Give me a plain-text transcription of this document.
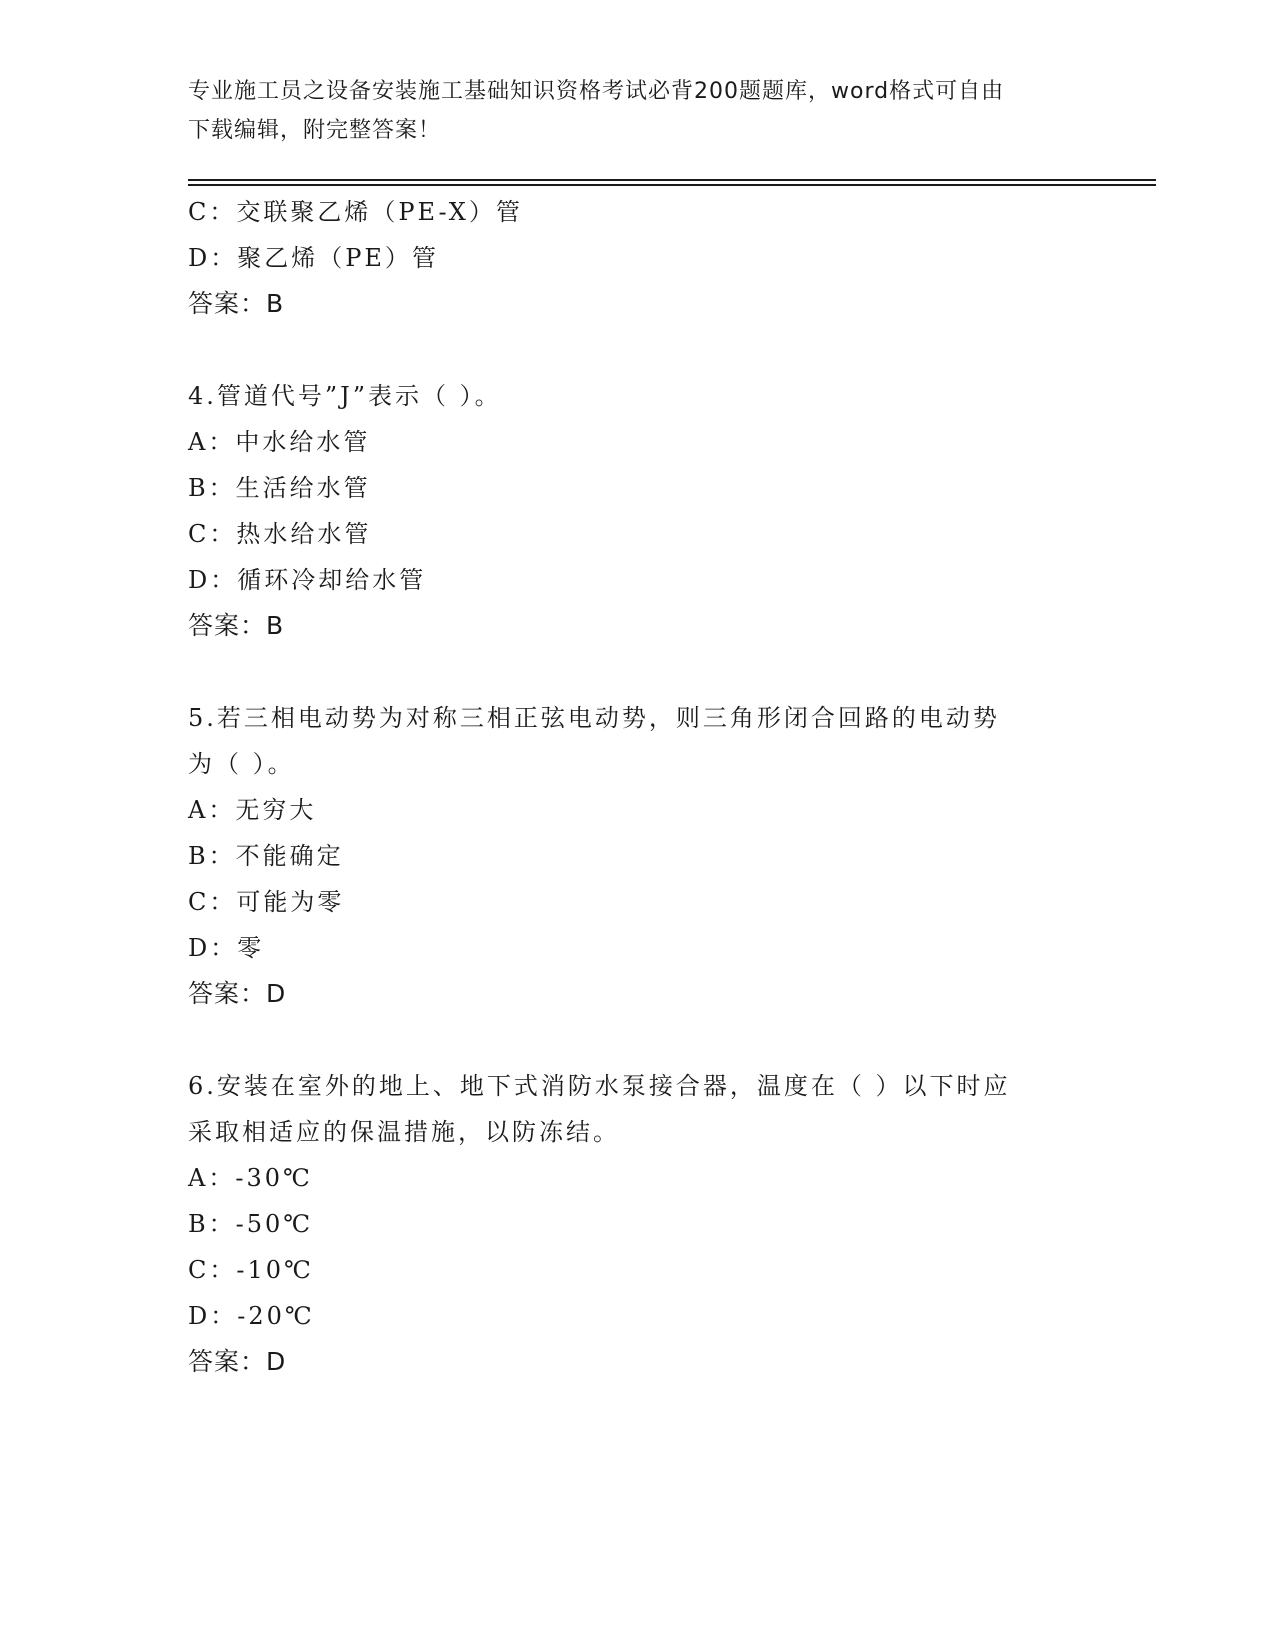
专业施工员之设备安装施工基础知识资格考试必背200题题库，word格式可自由
下载编辑，附完整答案！
C：交联聚乙烯（PE-X）管
D：聚乙烯（PE）管
答案：B
4.管道代号”J”表示（ ）。
A：中水给水管
B：生活给水管
C：热水给水管
D：循环冷却给水管
答案：B
5.若三相电动势为对称三相正弦电动势，则三角形闭合回路的电动势
为（ ）。
A：无穷大
B：不能确定
C：可能为零
D：零
答案：D
6.安装在室外的地上、地下式消防水泵接合器，温度在（ ）以下时应
采取相适应的保温措施，以防冻结。
A：-30℃
B：-50℃
C：-10℃
D：-20℃
答案：D
